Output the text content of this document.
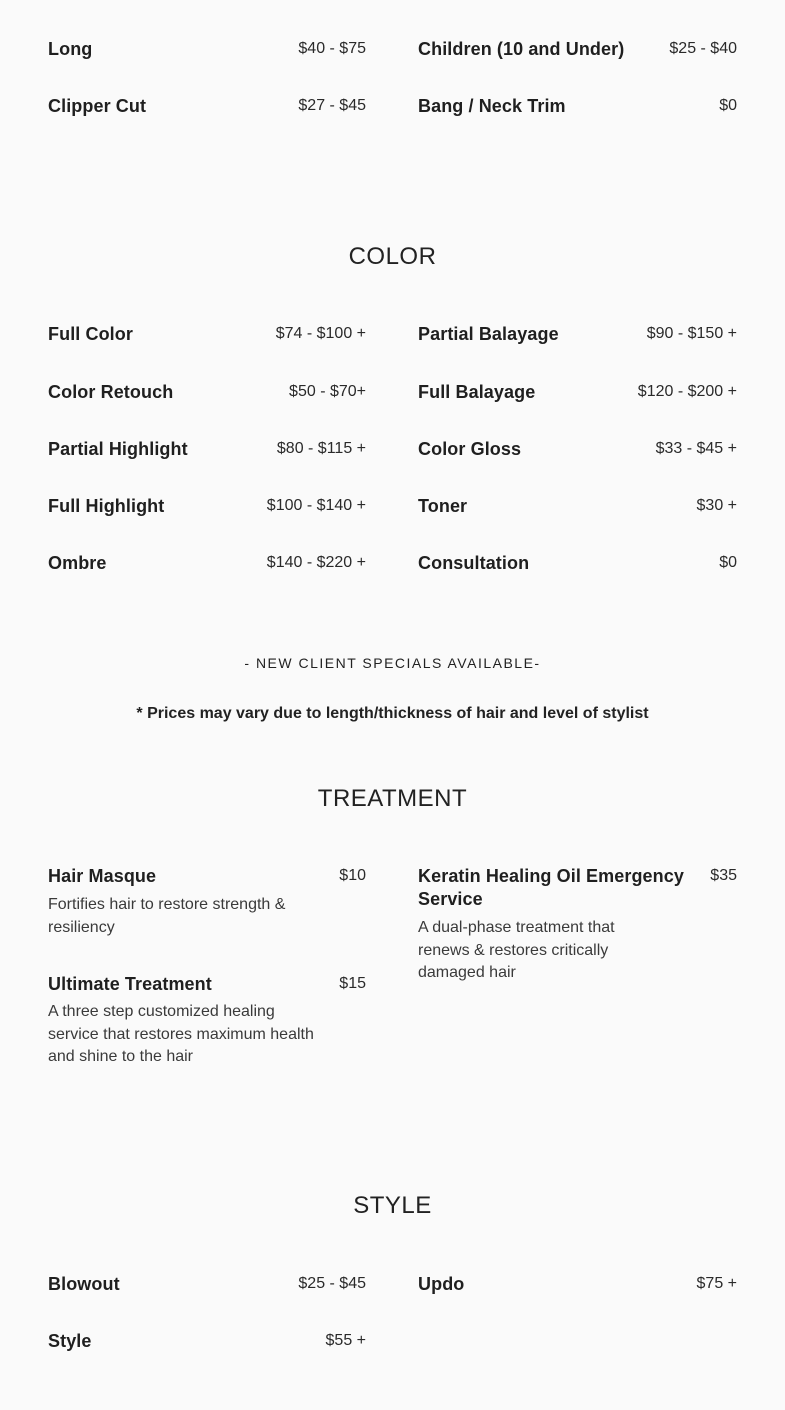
Long	$40 - $75
Clipper Cut	$27 - $45
Children (10 and Under)	$25 - $40
Bang / Neck Trim	$0
COLOR
Full Color	$74 - $100 +
Color Retouch	$50 - $70+
Partial Highlight	$80 - $115 +
Full Highlight	$100 - $140 +
Ombre	$140 - $220 +
Partial Balayage	$90 - $150 +
Full Balayage	$120 - $200 +
Color Gloss	$33 - $45 +
Toner	$30 +
Consultation	$0
- NEW CLIENT SPECIALS AVAILABLE-
* Prices may vary due to length/thickness of hair and level of stylist
TREATMENT
Hair Masque	$10
Fortifies hair to restore strength & resiliency
Ultimate Treatment	$15
A three step customized healing service that restores maximum health and shine to the hair
Keratin Healing Oil Emergency Service
$35
A dual-phase treatment that renews & restores critically damaged hair
STYLE
Blowout	$25 - $45
Style	$55 +
Updo	$75 +
